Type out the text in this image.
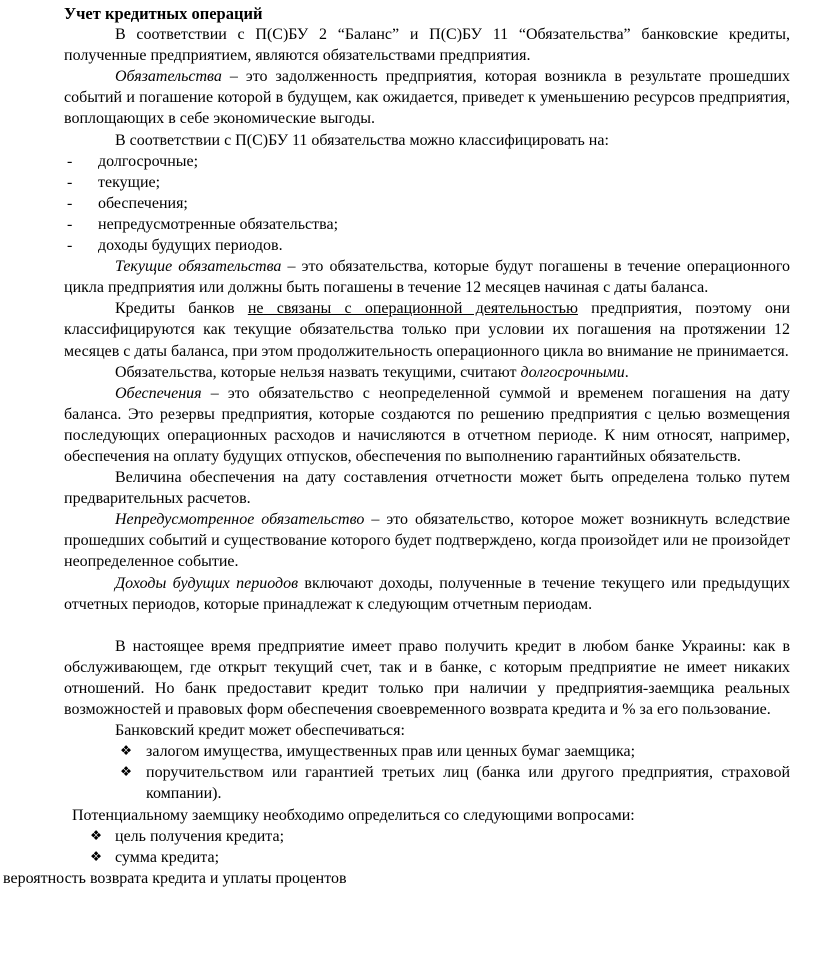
Учет кредитных операций

В соответствии с П(С)БУ 2 “Баланс” и П(С)БУ 11 “Обязательства” банковские кредиты, полученные предприятием, являются обязательствами предприятия.

Обязательства – это задолженность предприятия, которая возникла в результате прошедших событий и погашение которой в будущем, как ожидается, приведет к уменьшению ресурсов предприятия, воплощающих в себе экономические выгоды.

В соответствии с П(С)БУ 11 обязательства можно классифицировать на:

- долгосрочные;
- текущие;
- обеспечения;
- непредусмотренные обязательства;
- доходы будущих периодов.

Текущие обязательства – это обязательства, которые будут погашены в течение операционного цикла предприятия или должны быть погашены в течение 12 месяцев начиная с даты баланса.

Кредиты банков не связаны с операционной деятельностью предприятия, поэтому они классифицируются как текущие обязательства только при условии их погашения на протяжении 12 месяцев с даты баланса, при этом продолжительность операционного цикла во внимание не принимается.

Обязательства, которые нельзя назвать текущими, считают долгосрочными.

Обеспечения – это обязательство с неопределенной суммой и временем погашения на дату баланса. Это резервы предприятия, которые создаются по решению предприятия с целью возмещения последующих операционных расходов и начисляются в отчетном периоде. К ним относят, например, обеспечения на оплату будущих отпусков, обеспечения по выполнению гарантийных обязательств.

Величина обеспечения на дату составления отчетности может быть определена только путем предварительных расчетов.

Непредусмотренное обязательство – это обязательство, которое может возникнуть вследствие прошедших событий и существование которого будет подтверждено, когда произойдет или не произойдет неопределенное событие.

Доходы будущих периодов включают доходы, полученные в течение текущего или предыдущих отчетных периодов, которые принадлежат к следующим отчетным периодам.

В настоящее время предприятие имеет право получить кредит в любом банке Украины: как в обслуживающем, где открыт текущий счет, так и в банке, с которым предприятие не имеет никаких отношений. Но банк предоставит кредит только при наличии у предприятия-заемщика реальных возможностей и правовых форм обеспечения своевременного возврата кредита и % за его пользование.

Банковский кредит может обеспечиваться:

❖ залогом имущества, имущественных прав или ценных бумаг заемщика;
❖ поручительством или гарантией третьих лиц (банка или другого предприятия, страховой компании).

Потенциальному заемщику необходимо определиться со следующими вопросами:

❖ цель получения кредита;
❖ сумма кредита;

вероятность возврата кредита и уплаты процентов
